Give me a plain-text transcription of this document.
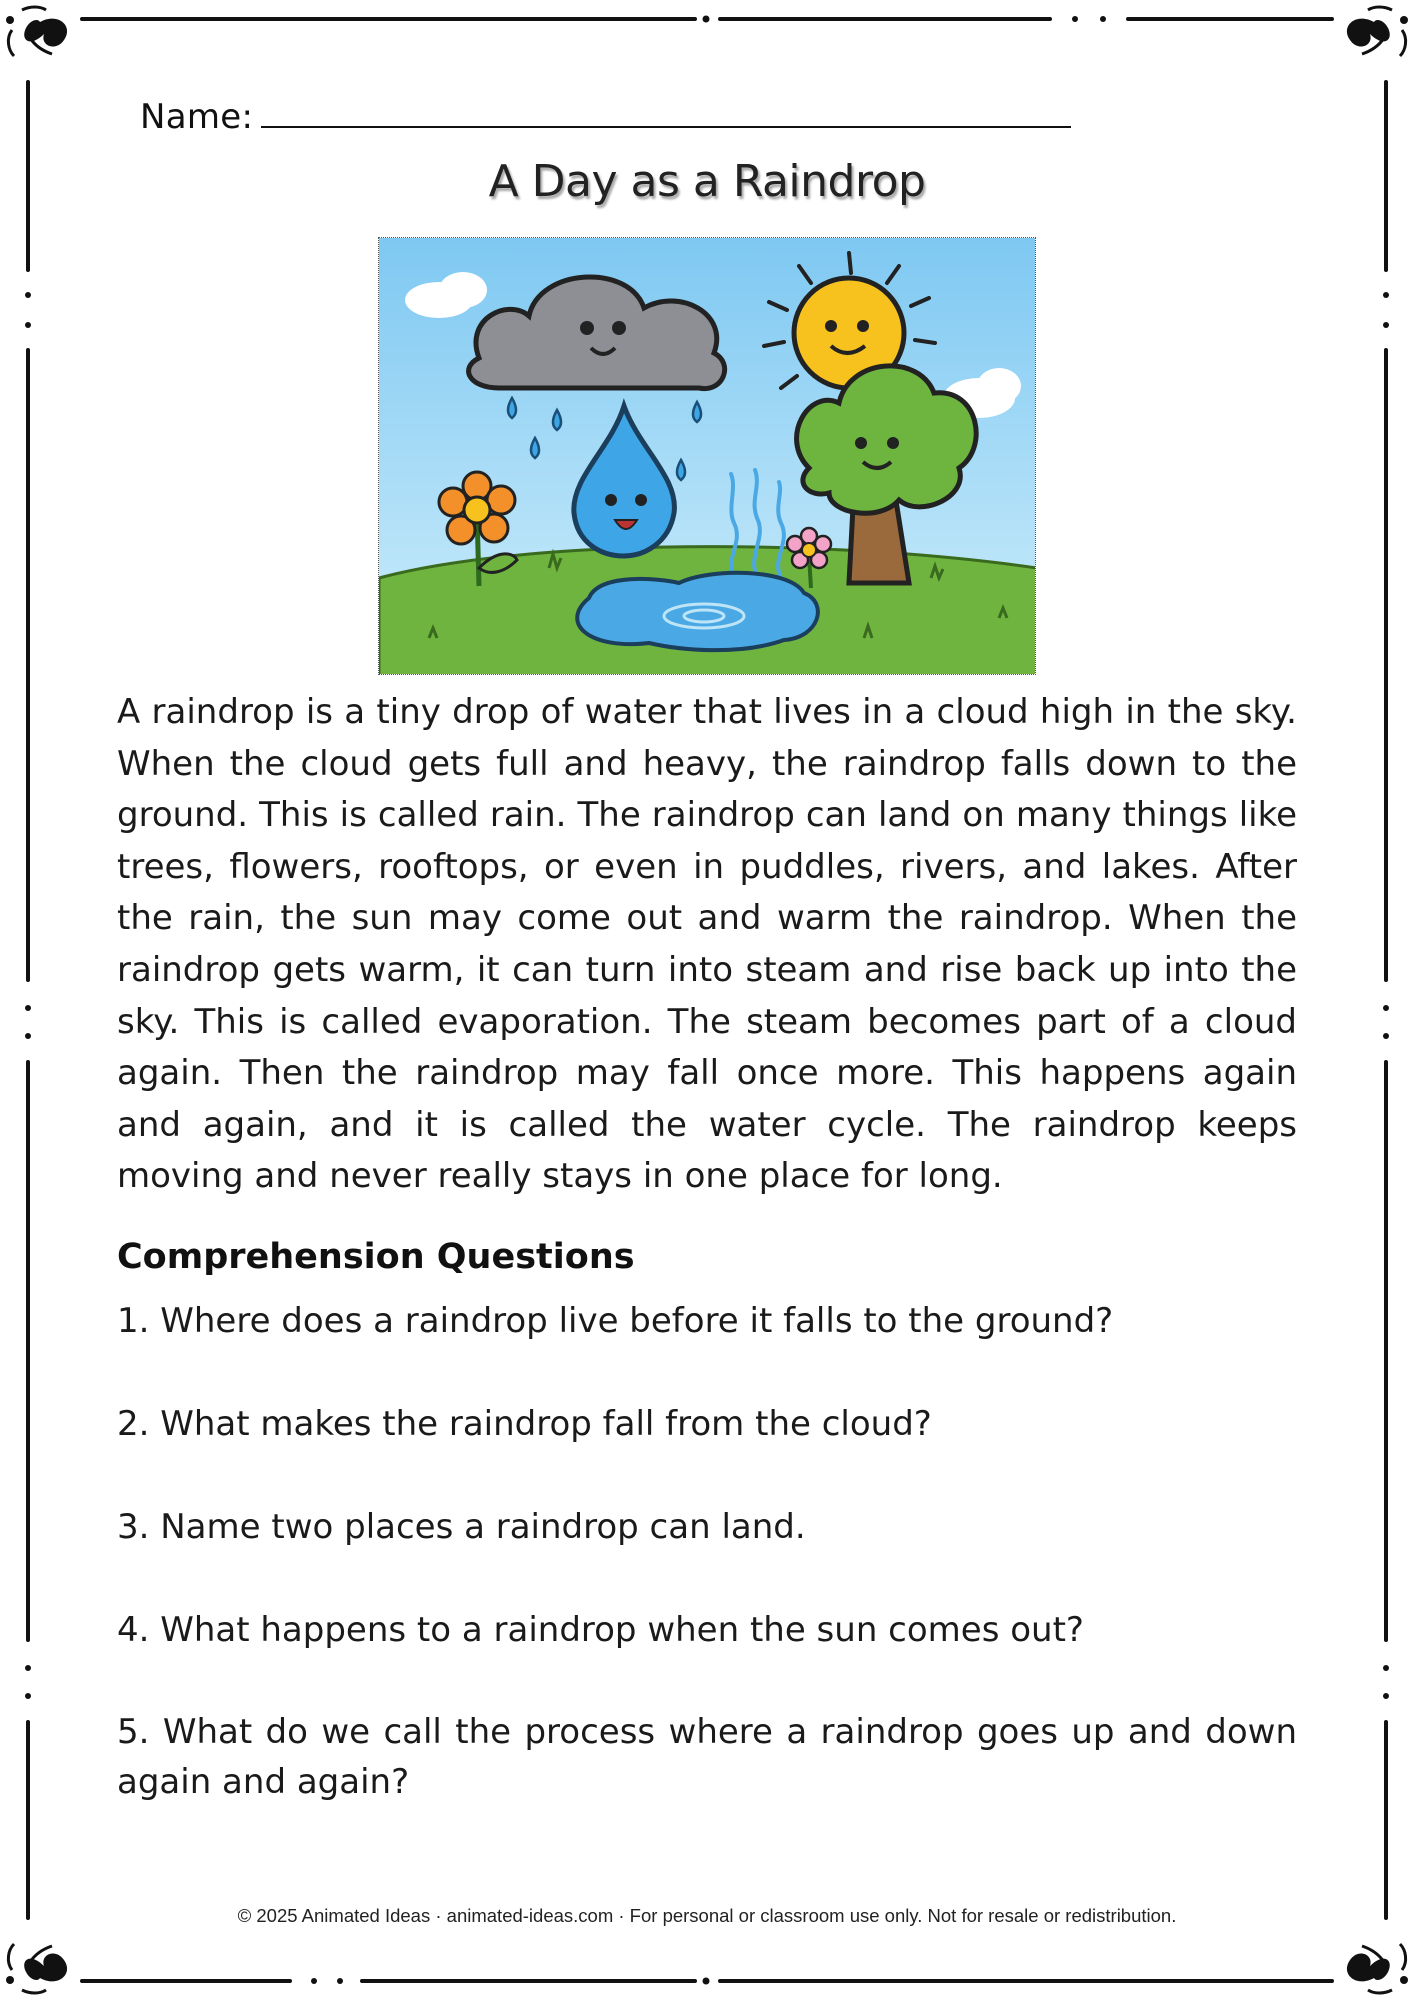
Name:
A Day as a Raindrop

A raindrop is a tiny drop of water that lives in a cloud high in the sky. When the cloud gets full and heavy, the raindrop falls down to the ground. This is called rain. The raindrop can land on many things like trees, flowers, rooftops, or even in puddles, rivers, and lakes. After the rain, the sun may come out and warm the raindrop. When the raindrop gets warm, it can turn into steam and rise back up into the sky. This is called evaporation. The steam becomes part of a cloud again. Then the raindrop may fall once more. This happens again and again, and it is called the water cycle. The raindrop keeps moving and never really stays in one place for long.

Comprehension Questions

1. Where does a raindrop live before it falls to the ground?

2. What makes the raindrop fall from the cloud?

3. Name two places a raindrop can land.

4. What happens to a raindrop when the sun comes out?

5. What do we call the process where a raindrop goes up and down again and again?

© 2025 Animated Ideas · animated-ideas.com · For personal or classroom use only. Not for resale or redistribution.
